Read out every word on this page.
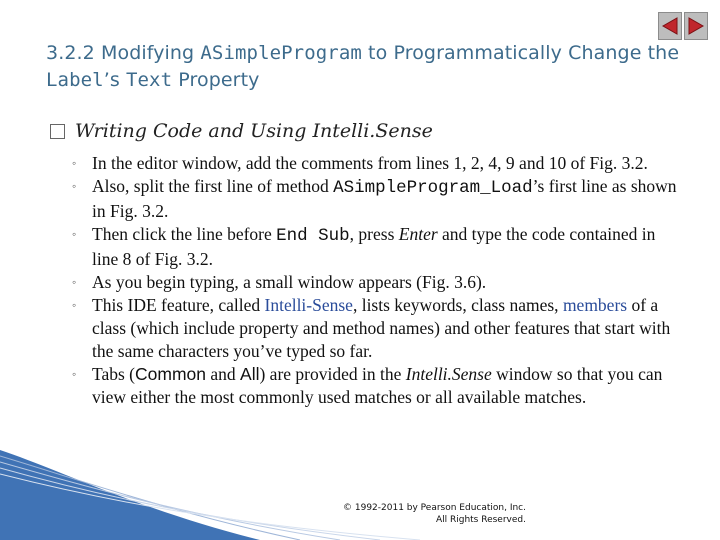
3.2.2 Modifying ASimpleProgram to Programmatically Change the Label’s Text Property
Writing Code and Using Intelli.Sense
◦ In the editor window, add the comments from lines 1, 2, 4, 9 and 10 of Fig. 3.2.
◦ Also, split the first line of method ASimpleProgram_Load’s first line as shown in Fig. 3.2.
◦ Then click the line before End Sub, press Enter and type the code contained in line 8 of Fig. 3.2.
◦ As you begin typing, a small window appears (Fig. 3.6).
◦ This IDE feature, called Intelli-Sense, lists keywords, class names, members of a class (which include property and method names) and other features that start with the same characters you’ve typed so far.
◦ Tabs (Common and All) are provided in the Intelli.Sense window so that you can view either the most commonly used matches or all available matches.
© 1992-2011 by Pearson Education, Inc.
All Rights Reserved.
